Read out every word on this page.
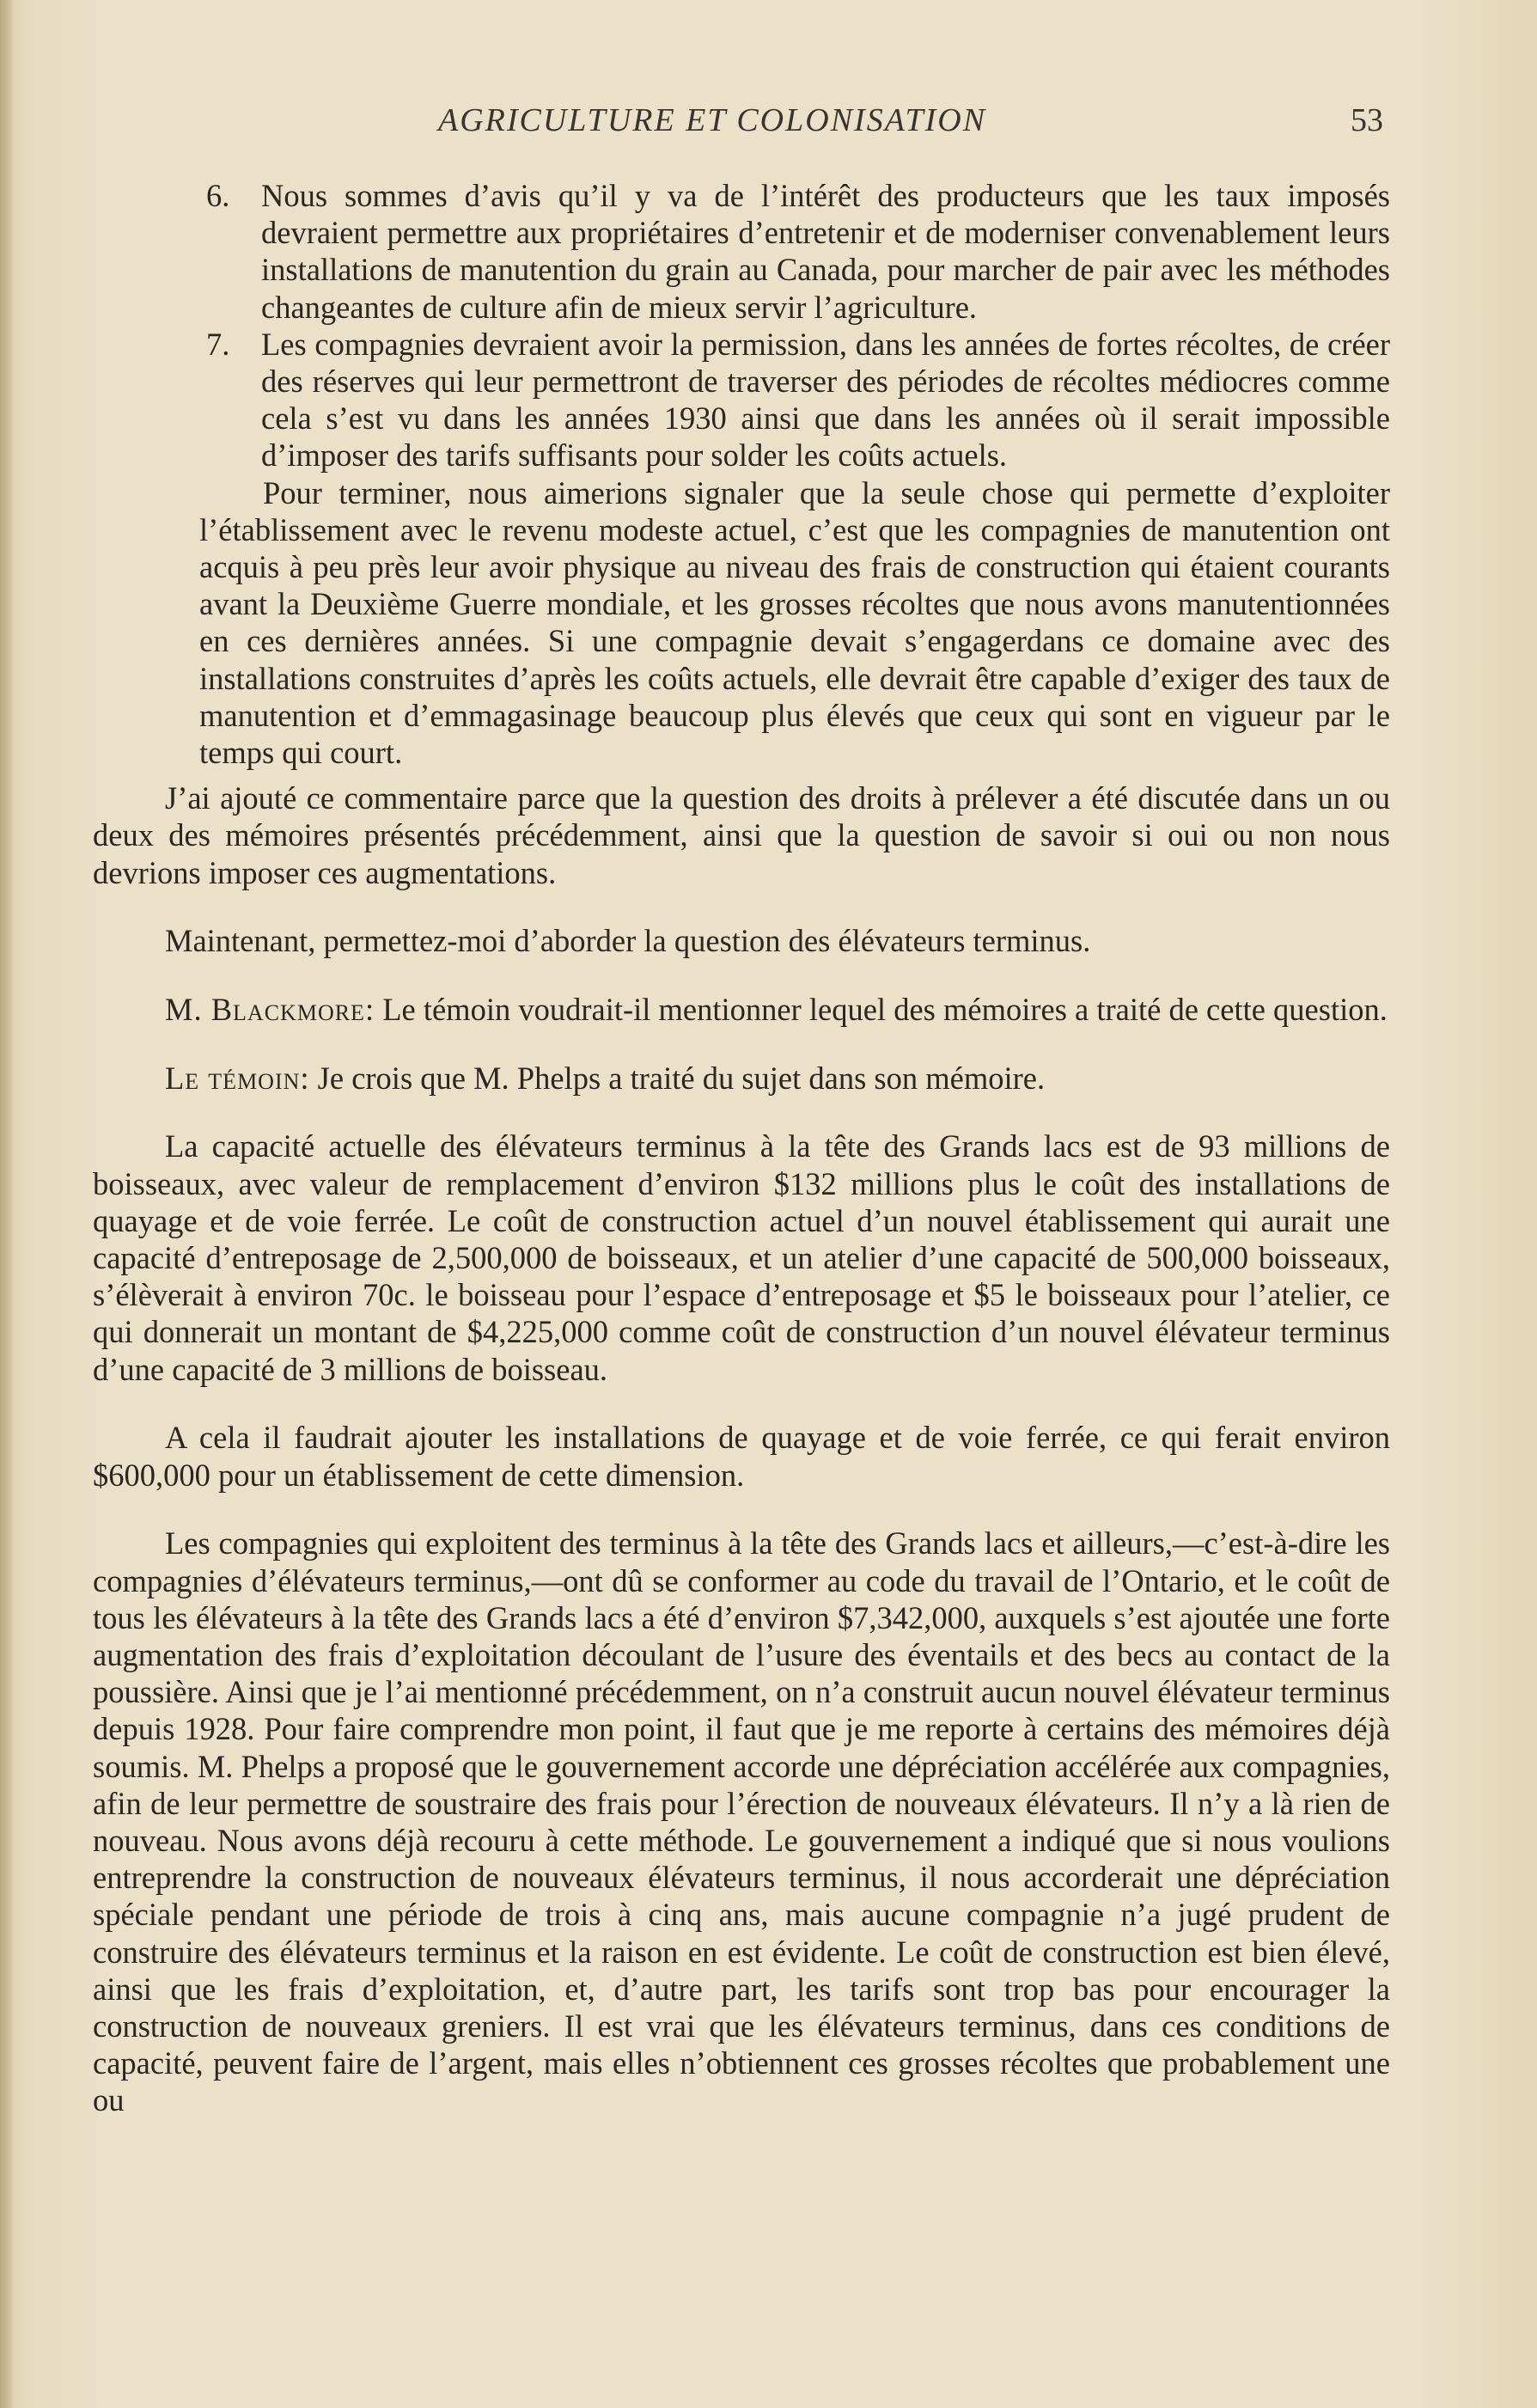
AGRICULTURE ET COLONISATION	53
6.	Nous sommes d’avis qu’il y va de l’intérêt des producteurs que les taux imposés devraient permettre aux propriétaires d’entretenir et de moderniser convenablement leurs installations de manutention du grain au Canada, pour marcher de pair avec les méthodes changeantes de culture afin de mieux servir l’agriculture.
7.	Les compagnies devraient avoir la permission, dans les années de fortes récoltes, de créer des réserves qui leur permettront de traverser des périodes de récoltes médiocres comme cela s’est vu dans les années 1930 ainsi que dans les années où il serait impossible d’imposer des tarifs suffisants pour solder les coûts actuels.
Pour terminer, nous aimerions signaler que la seule chose qui permette d’exploiter l’établissement avec le revenu modeste actuel, c’est que les compagnies de manutention ont acquis à peu près leur avoir physique au niveau des frais de construction qui étaient courants avant la Deuxième Guerre mondiale, et les grosses récoltes que nous avons manutentionnées en ces dernières années. Si une compagnie devait s’engagerdans ce domaine avec des installations construites d’après les coûts actuels, elle devrait être capable d’exiger des taux de manutention et d’emmagasinage beaucoup plus élevés que ceux qui sont en vigueur par le temps qui court.

J’ai ajouté ce commentaire parce que la question des droits à prélever a été discutée dans un ou deux des mémoires présentés précédemment, ainsi que la question de savoir si oui ou non nous devrions imposer ces augmentations.

Maintenant, permettez-moi d’aborder la question des élévateurs terminus.

M. Blackmore: Le témoin voudrait-il mentionner lequel des mémoires a traité de cette question.

Le témoin: Je crois que M. Phelps a traité du sujet dans son mémoire.

La capacité actuelle des élévateurs terminus à la tête des Grands lacs est de 93 millions de boisseaux, avec valeur de remplacement d’environ $132 millions plus le coût des installations de quayage et de voie ferrée. Le coût de construction actuel d’un nouvel établissement qui aurait une capacité d’entreposage de 2,500,000 de boisseaux, et un atelier d’une capacité de 500,000 boisseaux, s’élèverait à environ 70c. le boisseau pour l’espace d’entreposage et $5 le boisseaux pour l’atelier, ce qui donnerait un montant de $4,225,000 comme coût de construction d’un nouvel élévateur terminus d’une capacité de 3 millions de boisseau.

A cela il faudrait ajouter les installations de quayage et de voie ferrée, ce qui ferait environ $600,000 pour un établissement de cette dimension.

Les compagnies qui exploitent des terminus à la tête des Grands lacs et ailleurs,—c’est-à-dire les compagnies d’élévateurs terminus,—ont dû se conformer au code du travail de l’Ontario, et le coût de tous les élévateurs à la tête des Grands lacs a été d’environ $7,342,000, auxquels s’est ajoutée une forte augmentation des frais d’exploitation découlant de l’usure des éventails et des becs au contact de la poussière. Ainsi que je l’ai mentionné précédemment, on n’a construit aucun nouvel élévateur terminus depuis 1928. Pour faire comprendre mon point, il faut que je me reporte à certains des mémoires déjà soumis. M. Phelps a proposé que le gouvernement accorde une dépréciation accélérée aux compagnies, afin de leur permettre de soustraire des frais pour l’érection de nouveaux élévateurs. Il n’y a là rien de nouveau. Nous avons déjà recouru à cette méthode. Le gouvernement a indiqué que si nous voulions entreprendre la construction de nouveaux élévateurs terminus, il nous accorderait une dépréciation spéciale pendant une période de trois à cinq ans, mais aucune compagnie n’a jugé prudent de construire des élévateurs terminus et la raison en est évidente. Le coût de construction est bien élevé, ainsi que les frais d’exploitation, et, d’autre part, les tarifs sont trop bas pour encourager la construction de nouveaux greniers. Il est vrai que les élévateurs terminus, dans ces conditions de capacité, peuvent faire de l’argent, mais elles n’obtiennent ces grosses récoltes que probablement une ou
